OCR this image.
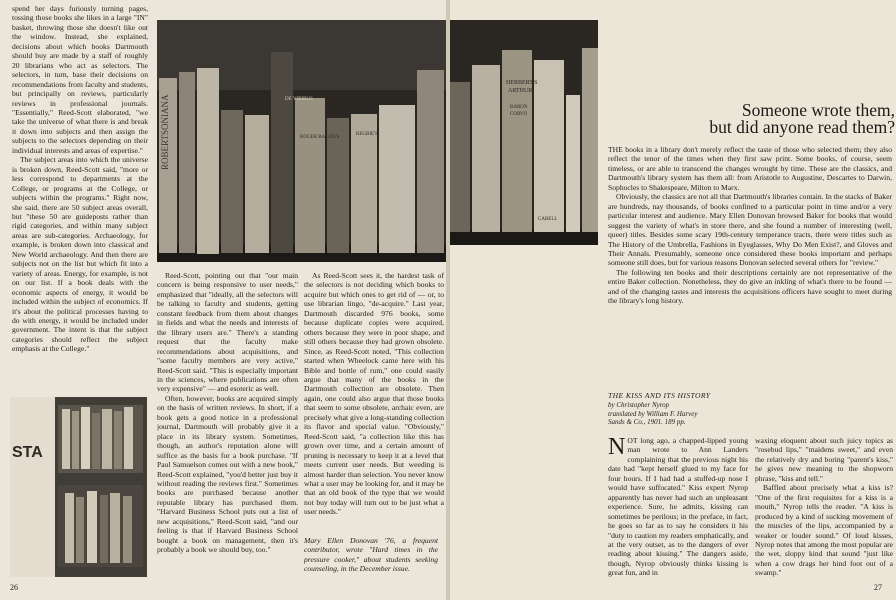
spend her days furiously turning pages, tossing those books she likes in a large "IN" basket, throwing those she doesn't like out the window. Instead, she explained, decisions about which books Dartmouth should buy are made by a staff of roughly 20 librarians who act as selectors. The selectors, in turn, base their decisions on recommendations from faculty and students, but principally on reviews, particularly reviews in professional journals. "Essentially," Reed-Scott elaborated, "we take the universe of what there is and break it down into subjects and then assign the subjects to the selectors depending on their individual interests and areas of expertise."

The subject areas into which the universe is broken down, Reed-Scott said, "more or less correspond to departments at the College, or programs at the College, or subjects within the programs." Right now, she said, there are 50 subject areas overall, but "these 50 are guideposts rather than rigid categories, and within many subject areas are sub-categories. Archaeology, for example, is broken down into classical and New World archaeology. And then there are subjects not on the list but which fit into a variety of areas. Energy, for example, is not on our list. If a book deals with the economic aspects of energy, it would be included within the subject of economics. If it's about the political processes having to do with energy, it would be included under government. The intent is that the subject categories should reflect the subject emphasis at the College."

ROBERTSONIANA	DE VIRIBUS
ROGER BACON'S
BEGBIE'S
STA

Reed-Scott, pointing out that "our main concern is being responsive to user needs," emphasized that "ideally, all the selectors will be talking to faculty and students, getting constant feedback from them about changes in fields and what the needs and interests of the library users are." There's a standing request that the faculty make recommendations about acquisitions, and "some faculty members are very active," Reed-Scott said. "This is especially important in the sciences, where publications are often very expensive" — and esoteric as well.

Often, however, books are acquired simply on the basis of written reviews. In short, if a book gets a good notice in a professional journal, Dartmouth will probably give it a place in its library system. Sometimes, though, an author's reputation alone will suffice as the basis for a book purchase. "If Paul Samuelson comes out with a new book," Reed-Scott explained, "you'd better just buy it without reading the reviews first." Sometimes books are purchased because another reputable library has purchased them. "Harvard Business School puts out a list of new acquisitions," Reed-Scott said, "and our feeling is that if Harvard Business School bought a book on management, then it's probably a book we should buy, too."

As Reed-Scott sees it, the hardest task of the selectors is not deciding which books to acquire but which ones to get rid of — or, to use librarian lingo, "de-acquire." Last year, Dartmouth discarded 976 books, some because duplicate copies were acquired, others because they were in poor shape, and still others because they had grown obsolete. Since, as Reed-Scott noted, "This collection started when Wheelock came here with his Bible and bottle of rum," one could easily argue that many of the books in the Dartmouth collection are obsolete. Then again, one could also argue that those books that seem to some obsolete, archaic even, are precisely what give a long-standing collection its flavor and special value. "Obviously," Reed-Scott said, "a collection like this has grown over time, and a certain amount of pruning is necessary to keep it at a level that meets current user needs. But weeding is almost harder than selection. You never know what a user may be looking for, and it may be that an old book of the type that we would not buy today will turn out to be just what a user needs."

Mary Ellen Donovan '76, a frequent contributor, wrote "Hard times in the pressure cooker," about students seeking counseling, in the December issue.

26
HERBERT'S
ARTHUR
BARON
CORVO
CABELL
Someone wrote them,
but did anyone read them?

THE books in a library don't merely reflect the taste of those who selected them; they also reflect the tenor of the times when they first saw print. Some books, of course, seem timeless, or are able to transcend the changes wrought by time. These are the classics, and Dartmouth's library system has them all: from Aristotle to Augustine, Descartes to Darwin, Sophocles to Shakespeare, Milton to Marx.

Obviously, the classics are not all that Dartmouth's libraries contain. In the stacks of Baker are hundreds, nay thousands, of books confined to a particular point in time and/or a very particular interest and audience. Mary Ellen Donovan browsed Baker for books that would suggest the variety of what's in store there, and she found a number of interesting (well, queer) titles. Besides some scary 19th-century temperance tracts, there were titles such as The History of the Umbrella, Fashions in Eyeglasses, Why Do Men Exist?, and Gloves and Their Annals. Presumably, someone once considered these books important and perhaps someone still does, but for various reasons Donovan selected several others for "review."

The following ten books and their descriptions certainly are not representative of the entire Baker collection. Nonetheless, they do give an inkling of what's there to be found — and of the changing tastes and interests the acquisitions officers have sought to meet during the library's long history.

THE KISS AND ITS HISTORY
by Christopher Nyrop
translated by William F. Harvey
Sands & Co., 1901. 189 pp.

NOT long ago, a chapped-lipped young man wrote to Ann Landers complaining that the previous night his date had "kept herself glued to my face for four hours. If I had had a stuffed-up nose I would have suffocated." Kiss expert Nyrop apparently has never had such an unpleasant experience. Sure, he admits, kissing can sometimes be perilous; in the preface, in fact, he goes so far as to say he considers it his "duty to caution my readers emphatically, and at the very outset, as to the dangers of ever reading about kissing." The dangers aside, though, Nyrop obviously thinks kissing is great fun, and in

waxing eloquent about such juicy topics as "rosebud lips," "maidens sweet," and even the relatively dry and boring "parent's kiss," he gives new meaning to the shopworn phrase, "kiss and tell."

Baffled about precisely what a kiss is? "One of the first requisites for a kiss is a mouth," Nyrop tells the reader. "A kiss is produced by a kind of sucking movement of the muscles of the lips, accompanied by a weaker or louder sound." Of loud kisses, Nyrop notes that among the most popular are the wet, sloppy kind that sound "just like when a cow drags her hind foot out of a swamp."

27
